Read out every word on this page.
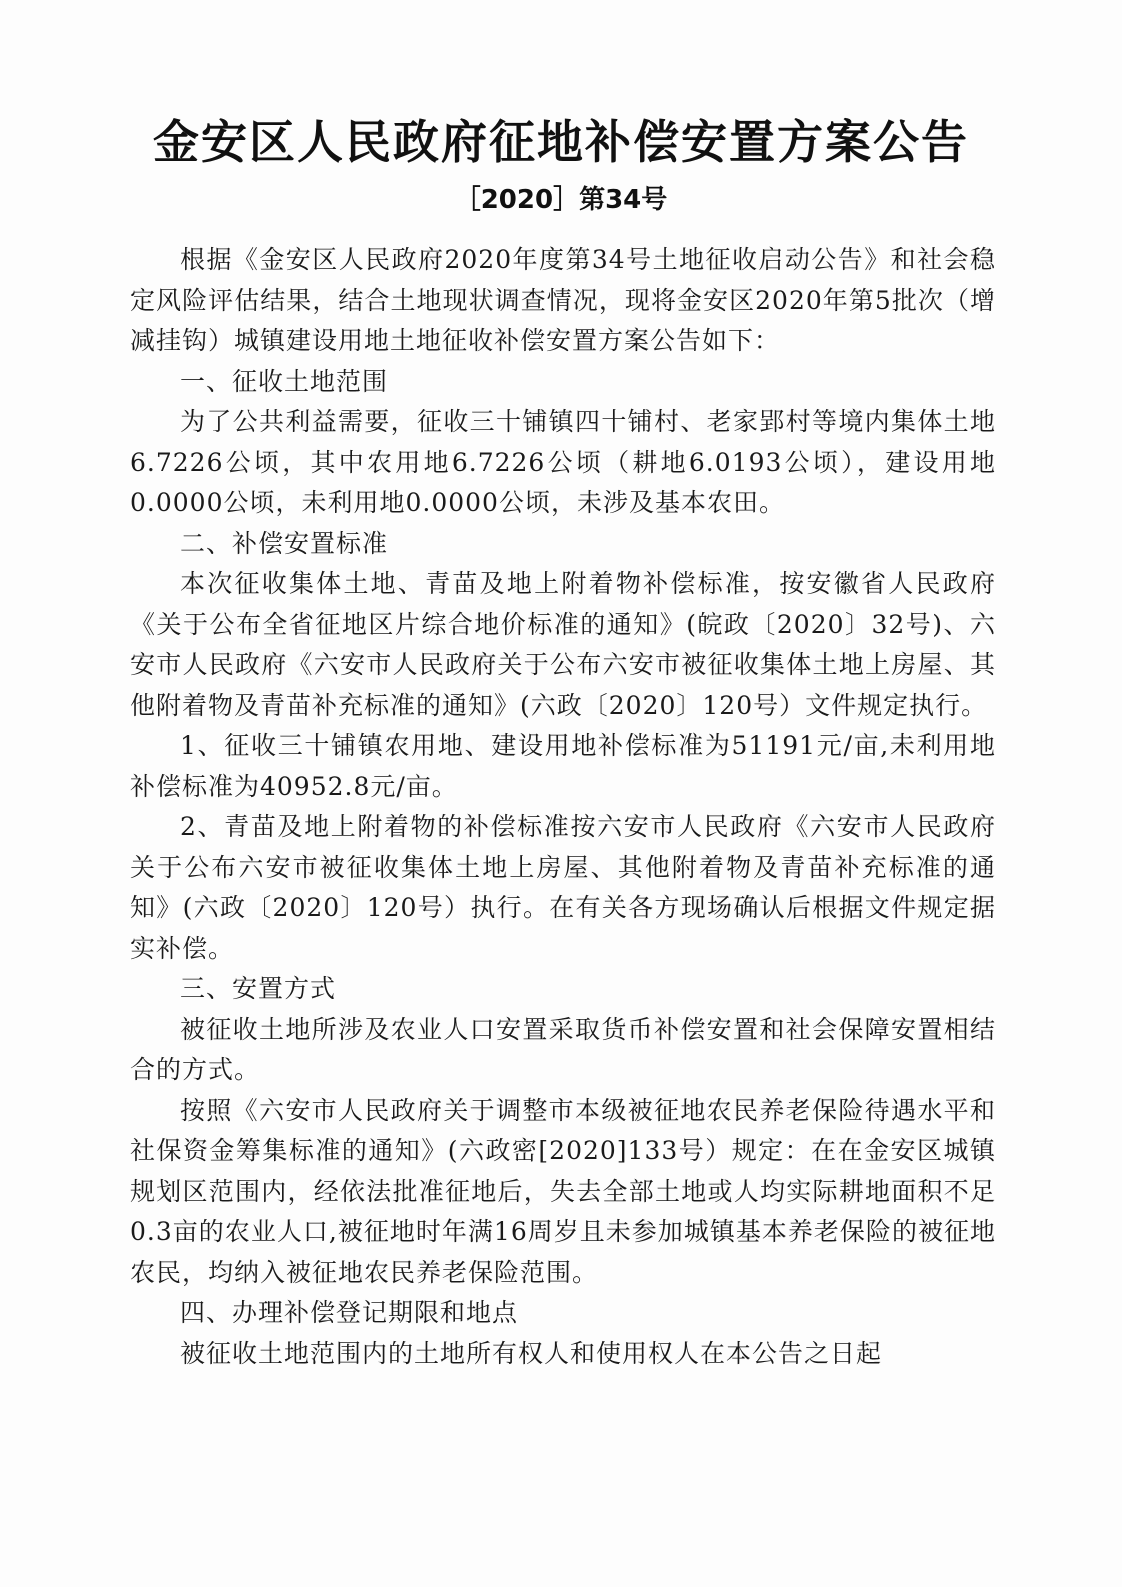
金安区人民政府征地补偿安置方案公告
［2020］第34号

根据《金安区人民政府2020年度第34号土地征收启动公告》和社会稳定风险评估结果，结合土地现状调查情况，现将金安区2020年第5批次（增减挂钩）城镇建设用地土地征收补偿安置方案公告如下：

一、征收土地范围

为了公共利益需要，征收三十铺镇四十铺村、老家郢村等境内集体土地6.7226公顷，其中农用地6.7226公顷（耕地6.0193公顷），建设用地0.0000公顷，未利用地0.0000公顷，未涉及基本农田。

二、补偿安置标准

本次征收集体土地、青苗及地上附着物补偿标准，按安徽省人民政府《关于公布全省征地区片综合地价标准的通知》(皖政〔2020〕32号)、六安市人民政府《六安市人民政府关于公布六安市被征收集体土地上房屋、其他附着物及青苗补充标准的通知》(六政〔2020〕120号）文件规定执行。

1、征收三十铺镇农用地、建设用地补偿标准为51191元/亩,未利用地补偿标准为40952.8元/亩。

2、青苗及地上附着物的补偿标准按六安市人民政府《六安市人民政府关于公布六安市被征收集体土地上房屋、其他附着物及青苗补充标准的通知》(六政〔2020〕120号）执行。在有关各方现场确认后根据文件规定据实补偿。

三、安置方式

被征收土地所涉及农业人口安置采取货币补偿安置和社会保障安置相结合的方式。

按照《六安市人民政府关于调整市本级被征地农民养老保险待遇水平和社保资金筹集标准的通知》(六政密[2020]133号）规定：在在金安区城镇规划区范围内，经依法批准征地后，失去全部土地或人均实际耕地面积不足0.3亩的农业人口,被征地时年满16周岁且未参加城镇基本养老保险的被征地农民，均纳入被征地农民养老保险范围。

四、办理补偿登记期限和地点

被征收土地范围内的土地所有权人和使用权人在本公告之日起
